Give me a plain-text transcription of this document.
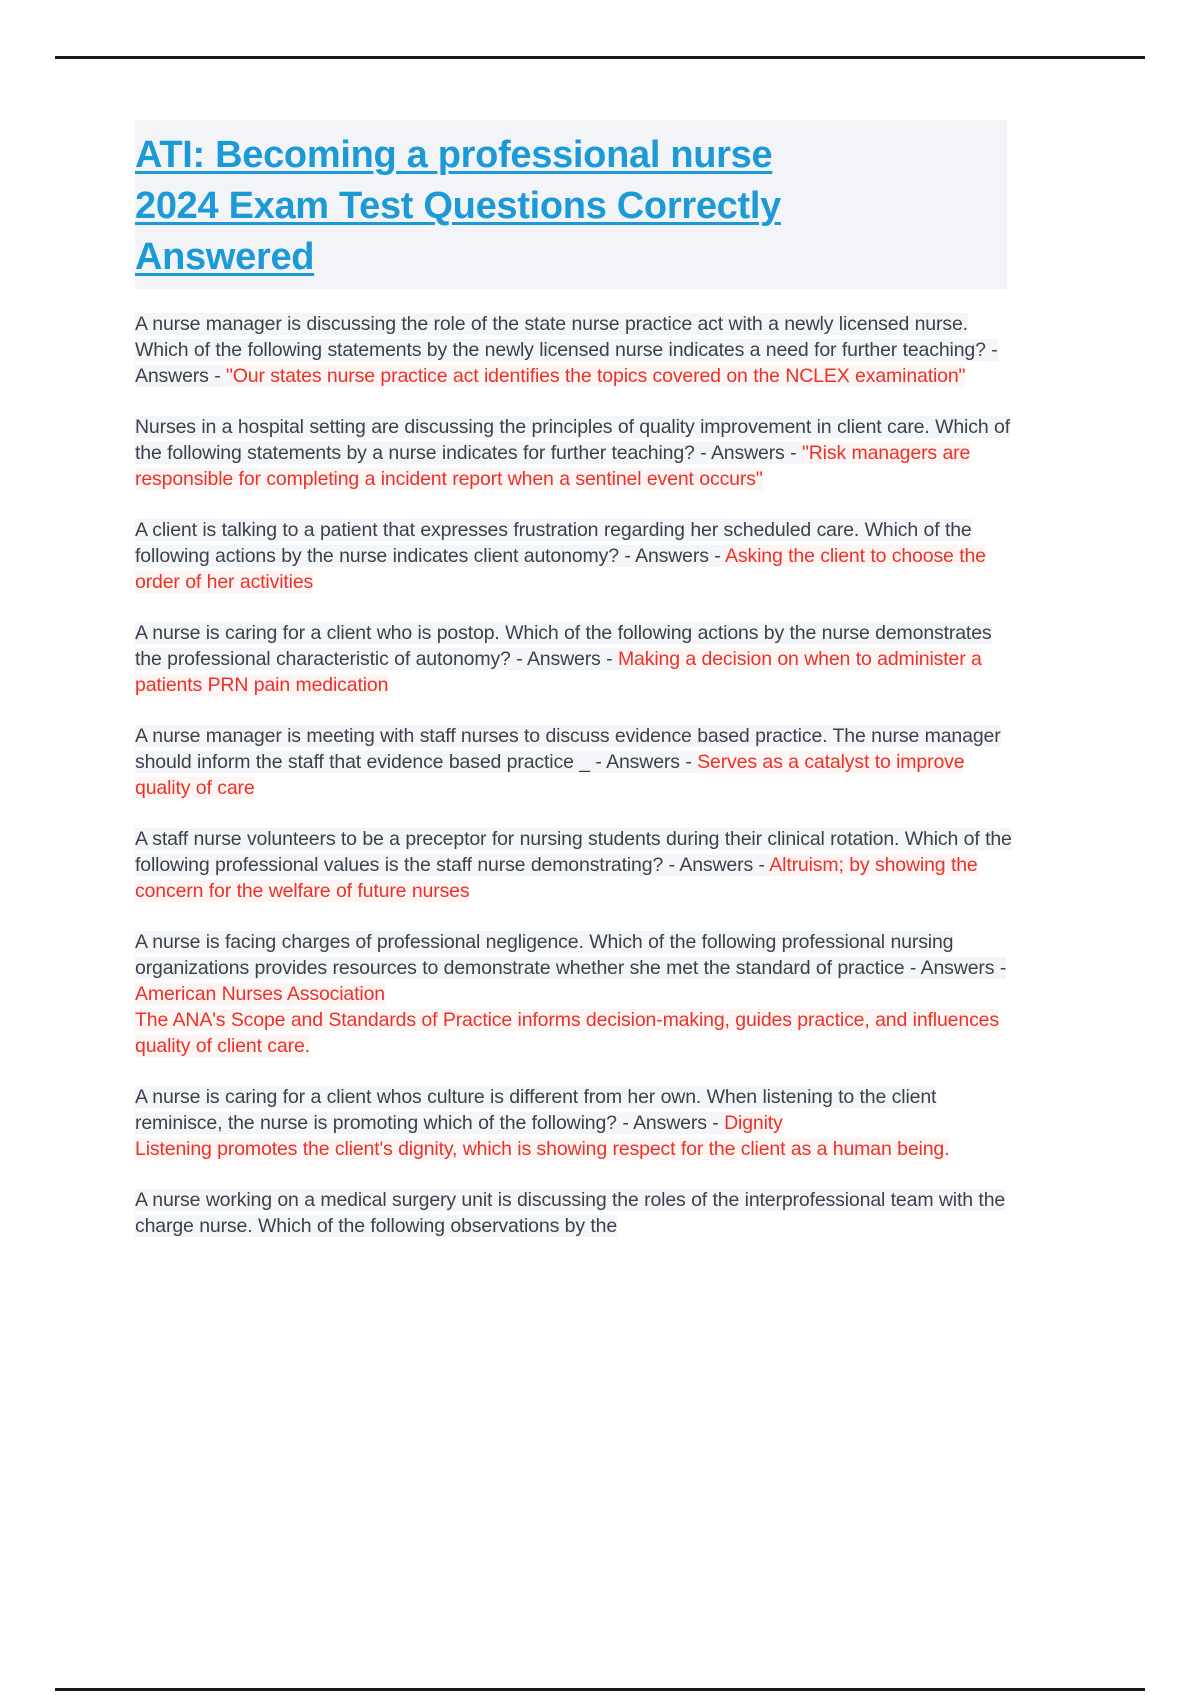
ATI: Becoming a professional nurse
2024 Exam Test Questions Correctly
Answered

A nurse manager is discussing the role of the state nurse practice act with a newly licensed nurse. Which of the following statements by the newly licensed nurse indicates a need for further teaching? - Answers - "Our states nurse practice act identifies the topics covered on the NCLEX examination"

Nurses in a hospital setting are discussing the principles of quality improvement in client care. Which of the following statements by a nurse indicates for further teaching? - Answers - "Risk managers are responsible for completing a incident report when a sentinel event occurs"

A client is talking to a patient that expresses frustration regarding her scheduled care. Which of the following actions by the nurse indicates client autonomy? - Answers - Asking the client to choose the order of her activities

A nurse is caring for a client who is postop. Which of the following actions by the nurse demonstrates the professional characteristic of autonomy? - Answers - Making a decision on when to administer a patients PRN pain medication

A nurse manager is meeting with staff nurses to discuss evidence based practice. The nurse manager should inform the staff that evidence based practice _ - Answers - Serves as a catalyst to improve quality of care

A staff nurse volunteers to be a preceptor for nursing students during their clinical rotation. Which of the following professional values is the staff nurse demonstrating? - Answers - Altruism; by showing the concern for the welfare of future nurses

A nurse is facing charges of professional negligence. Which of the following professional nursing organizations provides resources to demonstrate whether she met the standard of practice - Answers - American Nurses Association
The ANA's Scope and Standards of Practice informs decision-making, guides practice, and influences quality of client care.

A nurse is caring for a client whos culture is different from her own. When listening to the client reminisce, the nurse is promoting which of the following? - Answers - Dignity
Listening promotes the client's dignity, which is showing respect for the client as a human being.

A nurse working on a medical surgery unit is discussing the roles of the interprofessional team with the charge nurse. Which of the following observations by the
